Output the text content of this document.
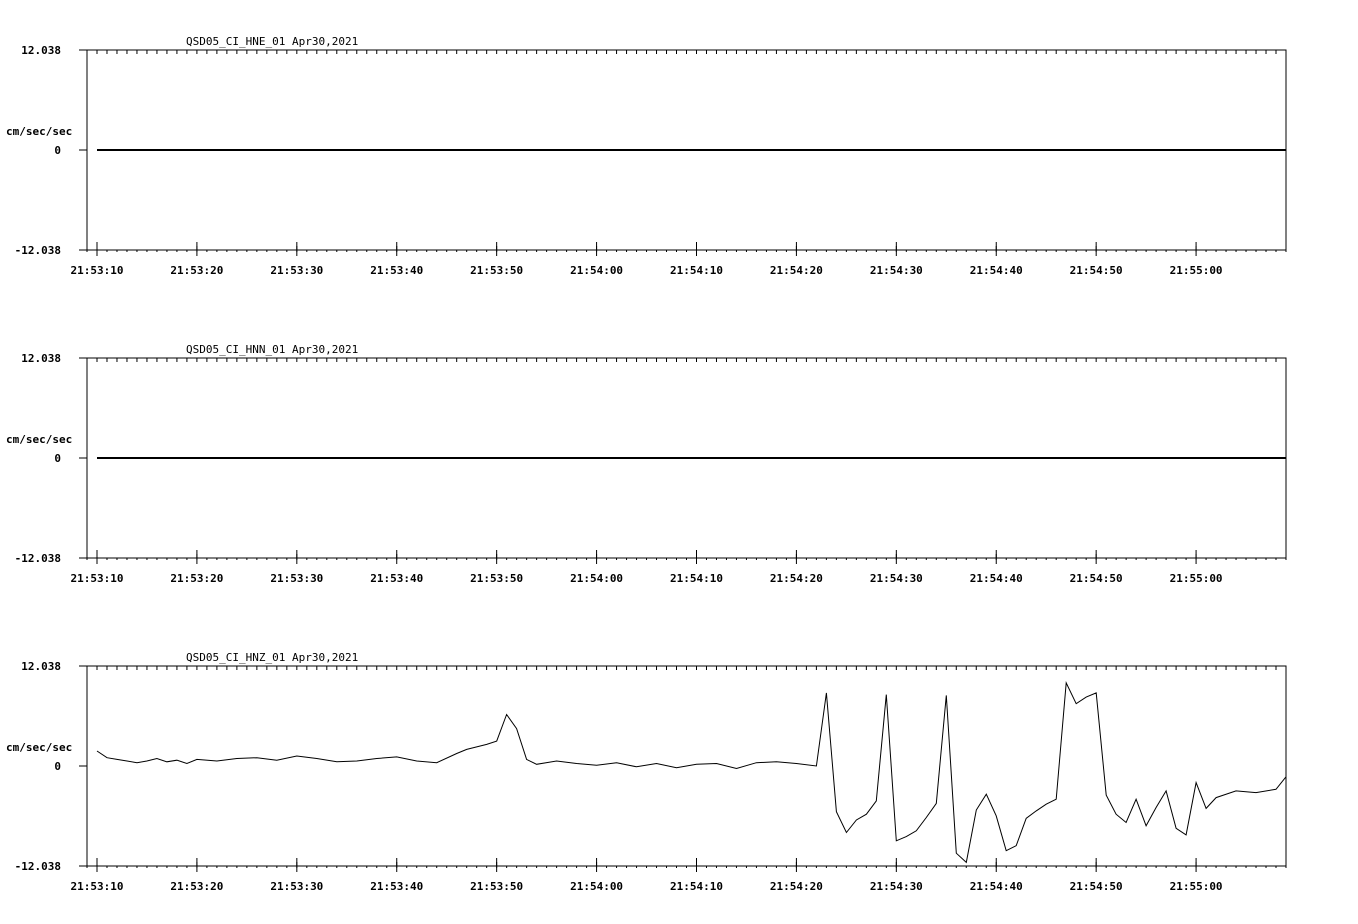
12.038
0
-12.038
cm/sec/sec
QSD05_CI_HNE_01 Apr30,2021
21:53:10	21:53:20	21:53:30	21:53:40	21:53:50	21:54:00	21:54:10	21:54:20	21:54:30	21:54:40	21:54:50	21:55:00
12.038
0
-12.038
cm/sec/sec
QSD05_CI_HNN_01 Apr30,2021
21:53:10	21:53:20	21:53:30	21:53:40	21:53:50	21:54:00	21:54:10	21:54:20	21:54:30	21:54:40	21:54:50	21:55:00
12.038
0
-12.038
cm/sec/sec
QSD05_CI_HNZ_01 Apr30,2021
21:53:10	21:53:20	21:53:30	21:53:40	21:53:50	21:54:00	21:54:10	21:54:20	21:54:30	21:54:40	21:54:50	21:55:00
